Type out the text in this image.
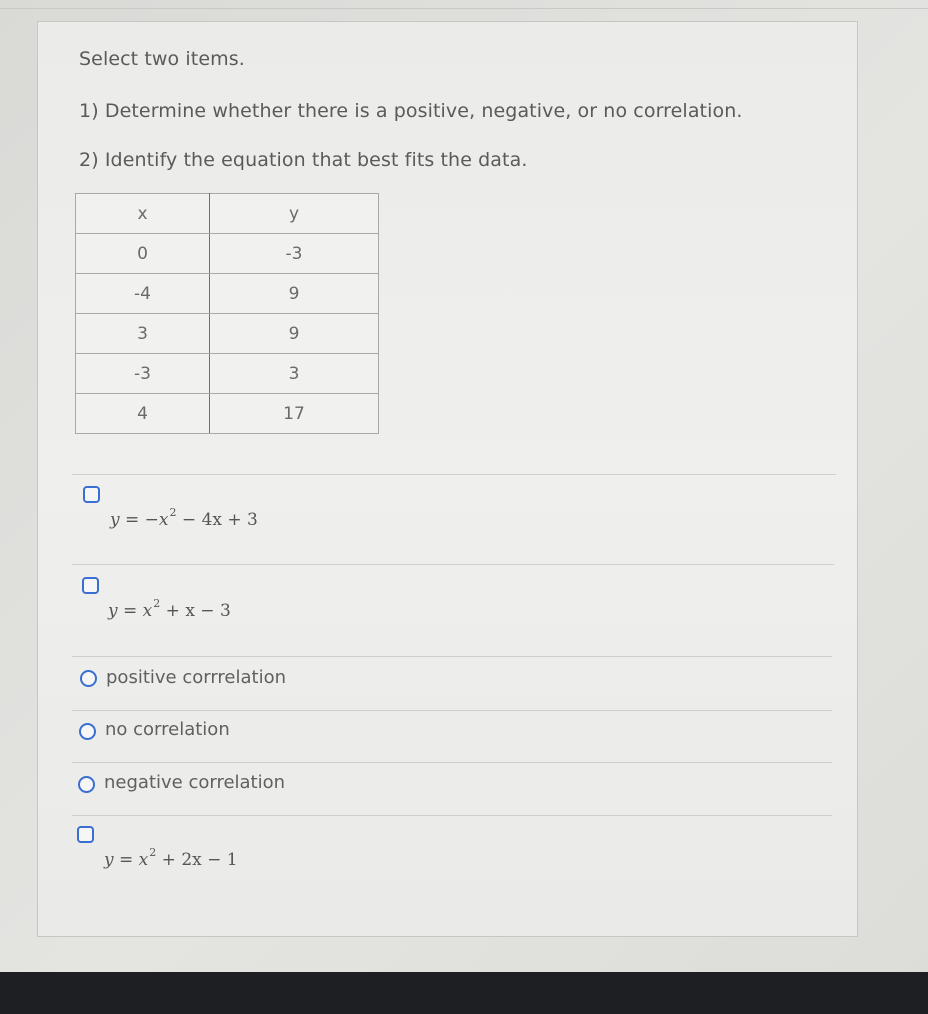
Select two items.
1) Determine whether there is a positive, negative, or no correlation.
2) Identify the equation that best fits the data.
x	y
0	-3
-4	9
3	9
-3	3
4	17
$y = -x^2 - 4x + 3$
$y = x^2 + x - 3$
positive corrrelation
no correlation
negative correlation
$y = x^2 + 2x - 1$
